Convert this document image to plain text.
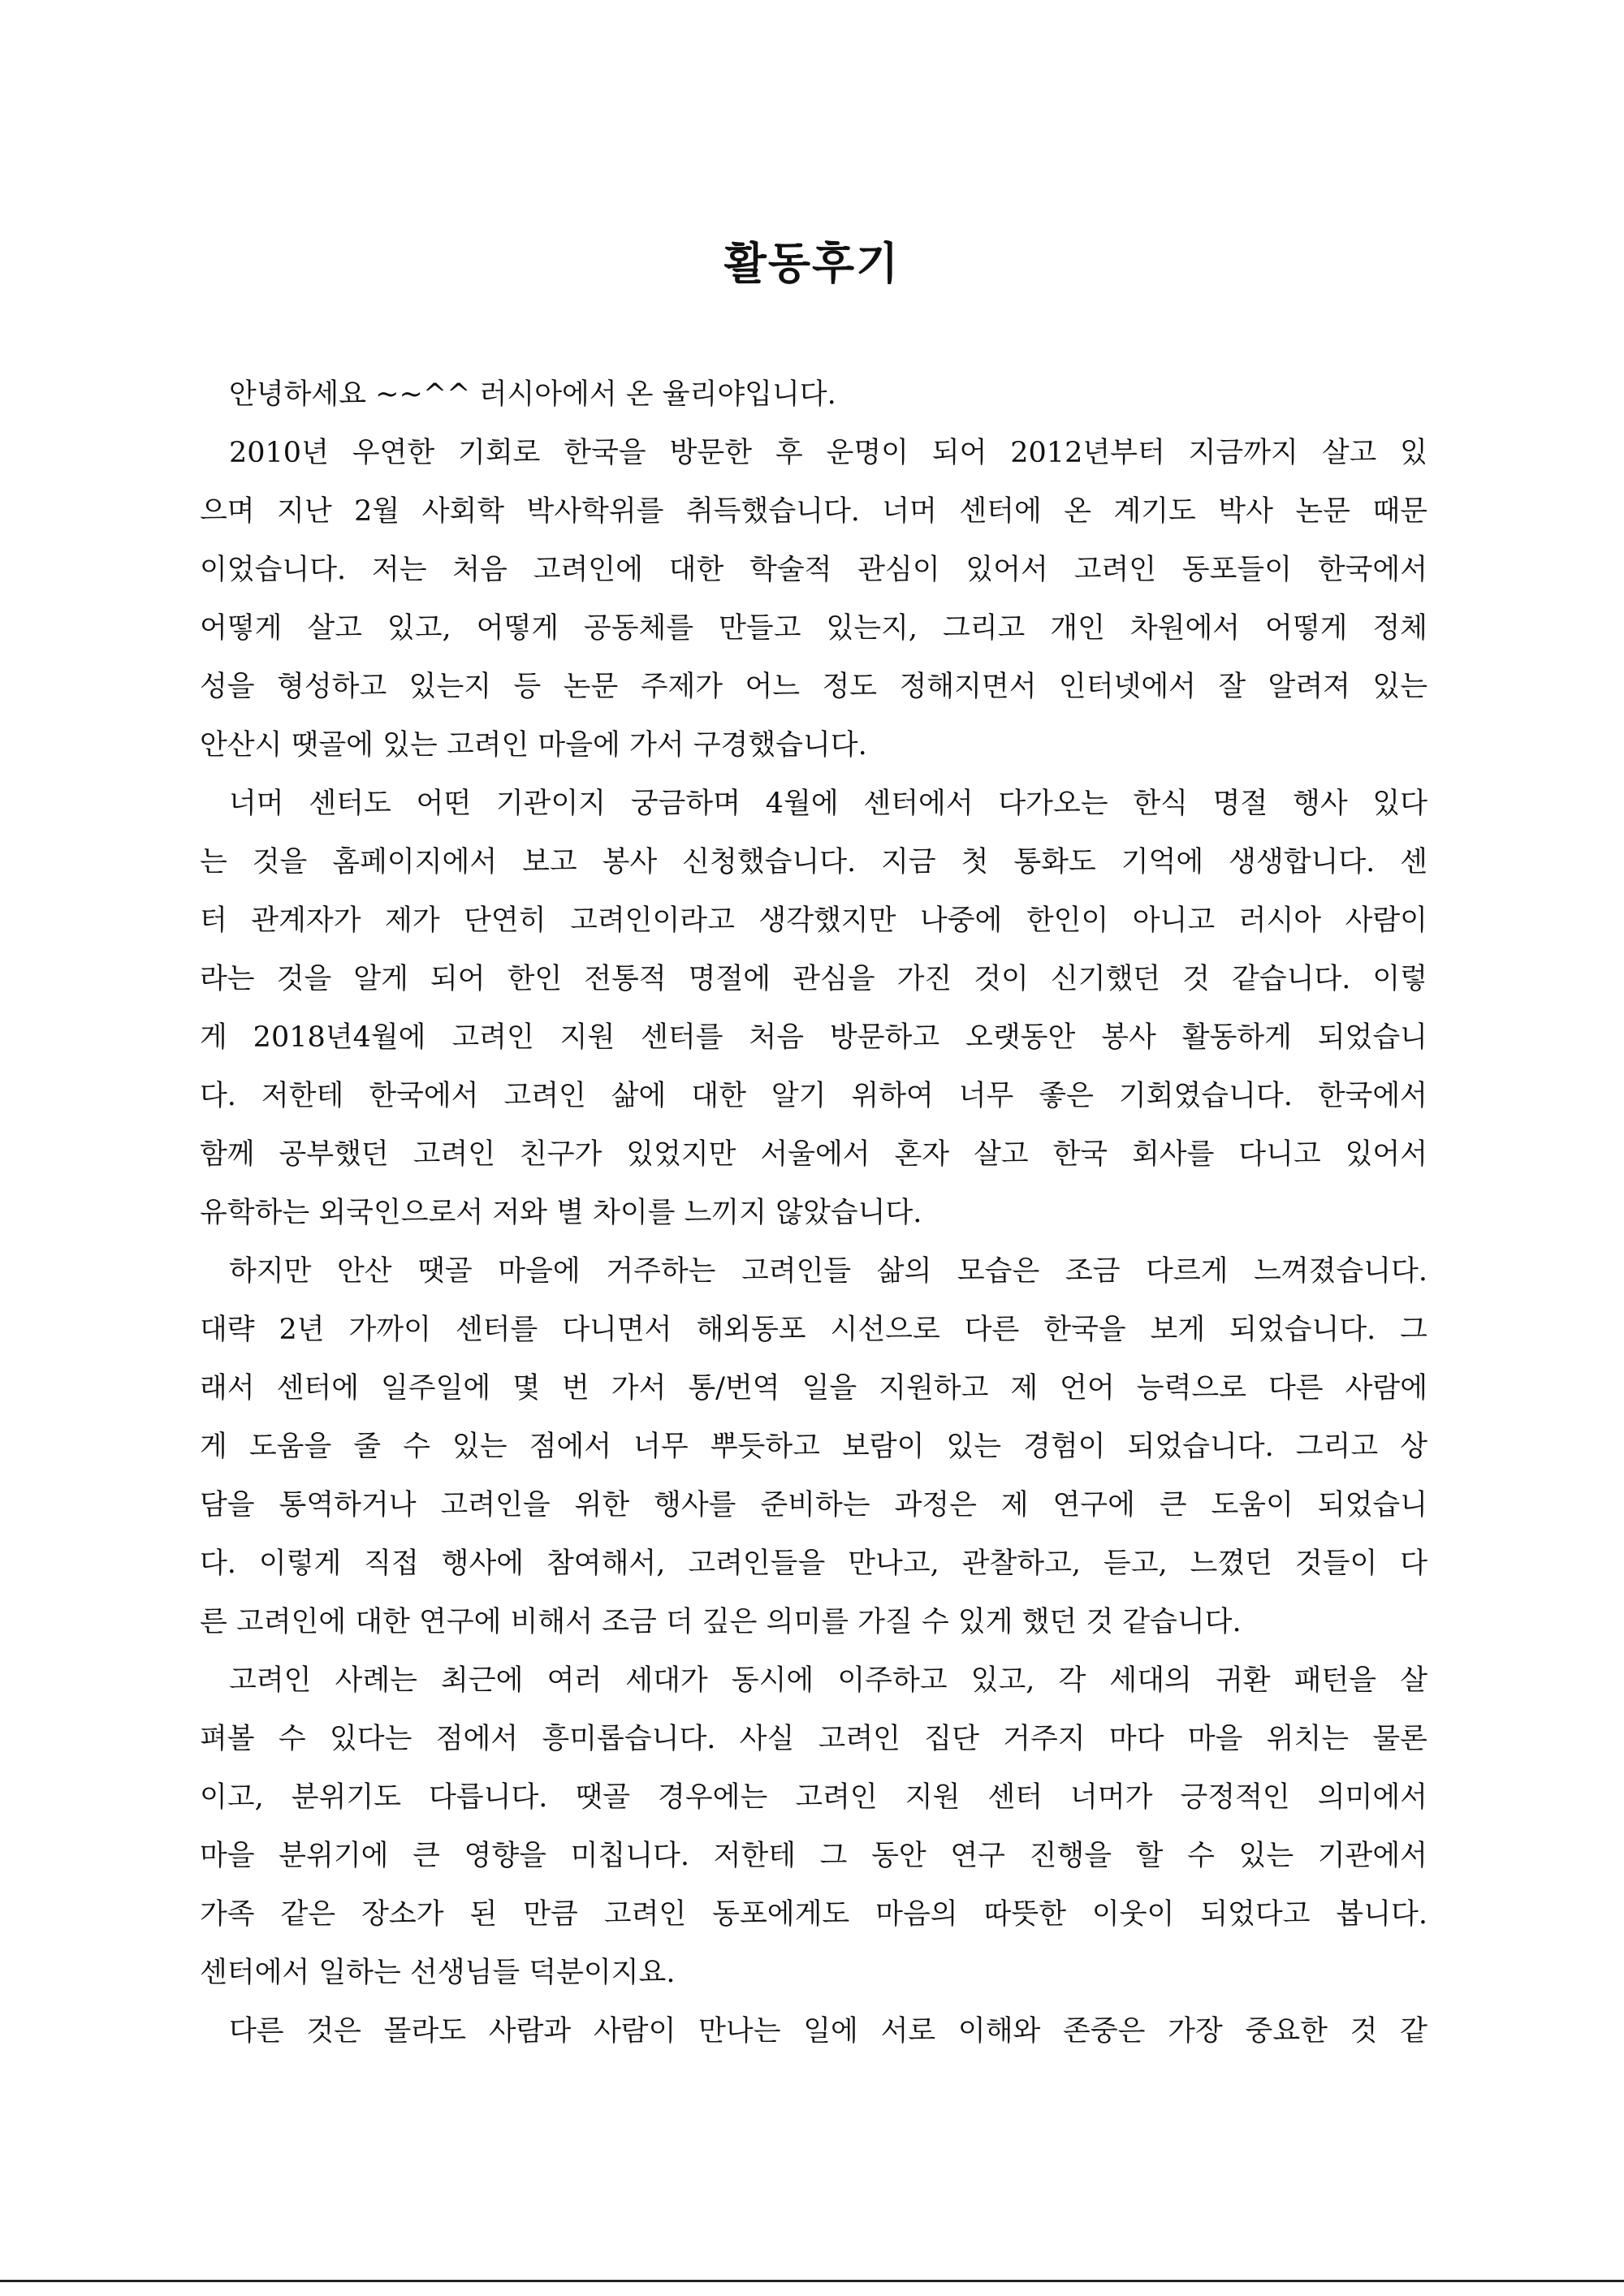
활동후기
안녕하세요 ~~^^ 러시아에서 온 율리야입니다.
2010년 우연한 기회로 한국을 방문한 후 운명이 되어 2012년부터 지금까지 살고 있
으며 지난 2월 사회학 박사학위를 취득했습니다. 너머 센터에 온 계기도 박사 논문 때문
이었습니다. 저는 처음 고려인에 대한 학술적 관심이 있어서 고려인 동포들이 한국에서
어떻게 살고 있고, 어떻게 공동체를 만들고 있는지, 그리고 개인 차원에서 어떻게 정체
성을 형성하고 있는지 등 논문 주제가 어느 정도 정해지면서 인터넷에서 잘 알려져 있는
안산시 땟골에 있는 고려인 마을에 가서 구경했습니다.
너머 센터도 어떤 기관이지 궁금하며 4월에 센터에서 다가오는 한식 명절 행사 있다
는 것을 홈페이지에서 보고 봉사 신청했습니다. 지금 첫 통화도 기억에 생생합니다. 센
터 관계자가 제가 단연히 고려인이라고 생각했지만 나중에 한인이 아니고 러시아 사람이
라는 것을 알게 되어 한인 전통적 명절에 관심을 가진 것이 신기했던 것 같습니다. 이렇
게 2018년4월에 고려인 지원 센터를 처음 방문하고 오랫동안 봉사 활동하게 되었습니
다. 저한테 한국에서 고려인 삶에 대한 알기 위하여 너무 좋은 기회였습니다. 한국에서
함께 공부했던 고려인 친구가 있었지만 서울에서 혼자 살고 한국 회사를 다니고 있어서
유학하는 외국인으로서 저와 별 차이를 느끼지 않았습니다.
하지만 안산 땟골 마을에 거주하는 고려인들 삶의 모습은 조금 다르게 느껴졌습니다.
대략 2년 가까이 센터를 다니면서 해외동포 시선으로 다른 한국을 보게 되었습니다. 그
래서 센터에 일주일에 몇 번 가서 통/번역 일을 지원하고 제 언어 능력으로 다른 사람에
게 도움을 줄 수 있는 점에서 너무 뿌듯하고 보람이 있는 경험이 되었습니다. 그리고 상
담을 통역하거나 고려인을 위한 행사를 준비하는 과정은 제 연구에 큰 도움이 되었습니
다. 이렇게 직접 행사에 참여해서, 고려인들을 만나고, 관찰하고, 듣고, 느꼈던 것들이 다
른 고려인에 대한 연구에 비해서 조금 더 깊은 의미를 가질 수 있게 했던 것 같습니다.
고려인 사례는 최근에 여러 세대가 동시에 이주하고 있고, 각 세대의 귀환 패턴을 살
펴볼 수 있다는 점에서 흥미롭습니다. 사실 고려인 집단 거주지 마다 마을 위치는 물론
이고, 분위기도 다릅니다. 땟골 경우에는 고려인 지원 센터 너머가 긍정적인 의미에서
마을 분위기에 큰 영향을 미칩니다. 저한테 그 동안 연구 진행을 할 수 있는 기관에서
가족 같은 장소가 된 만큼 고려인 동포에게도 마음의 따뜻한 이웃이 되었다고 봅니다.
센터에서 일하는 선생님들 덕분이지요.
다른 것은 몰라도 사람과 사람이 만나는 일에 서로 이해와 존중은 가장 중요한 것 같
